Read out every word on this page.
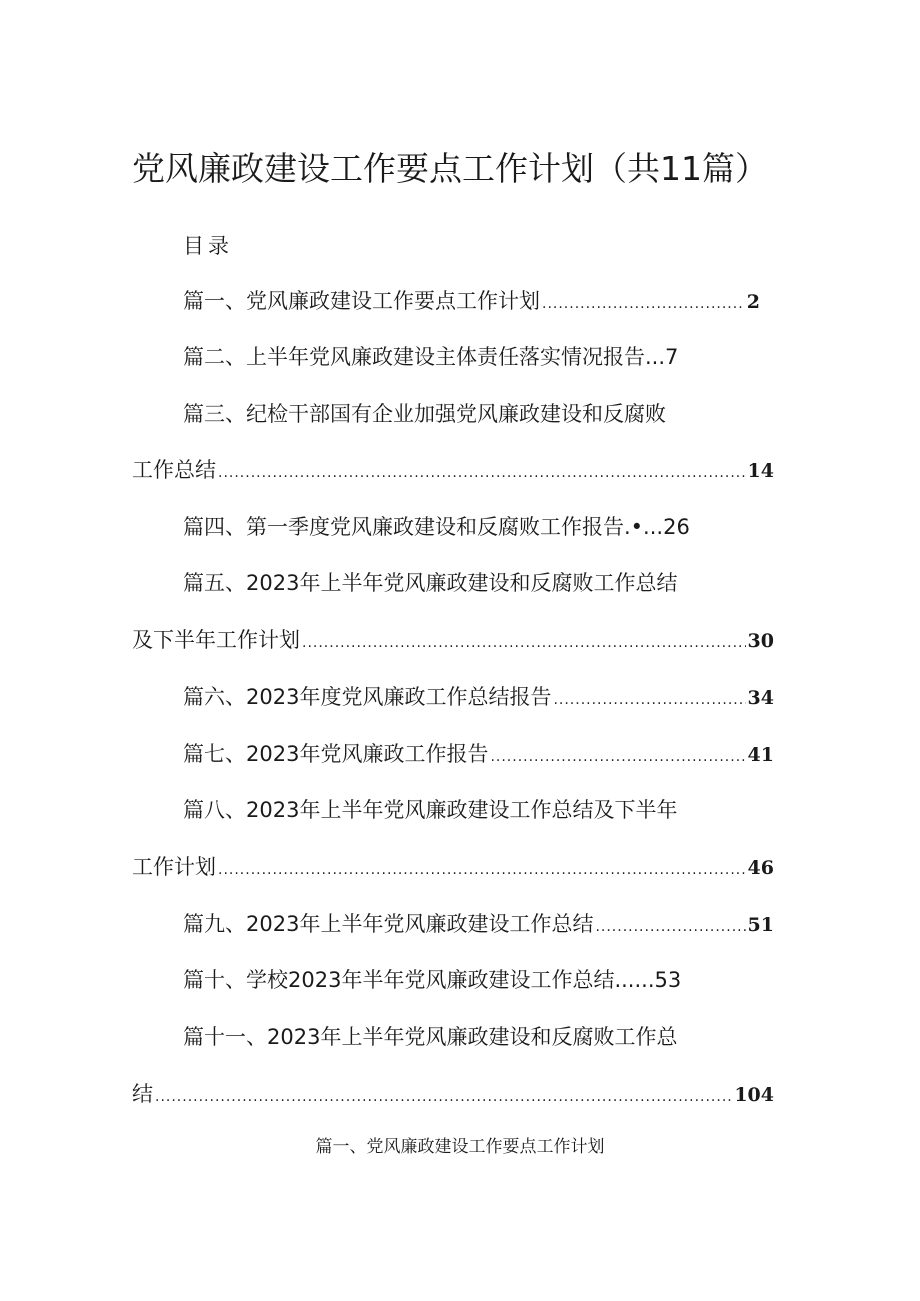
党风廉政建设工作要点工作计划（共11篇）
目录
篇一、党风廉政建设工作要点工作计划 .....	2
篇二、上半年党风廉政建设主体责任落实情况报告...7
篇三、纪检干部国有企业加强党风廉政建设和反腐败
工作总结 .....	14
篇四、第一季度党风廉政建设和反腐败工作报告.•...26
篇五、2023年上半年党风廉政建设和反腐败工作总结
及下半年工作计划 .....	30
篇六、2023年度党风廉政工作总结报告 .....	34
篇七、2023年党风廉政工作报告 .....	41
篇八、2023年上半年党风廉政建设工作总结及下半年
工作计划 .....	46
篇九、2023年上半年党风廉政建设工作总结 .....	51
篇十、学校2023年半年党风廉政建设工作总结......53
篇十一、2023年上半年党风廉政建设和反腐败工作总
结 .....	104
篇一、党风廉政建设工作要点工作计划
